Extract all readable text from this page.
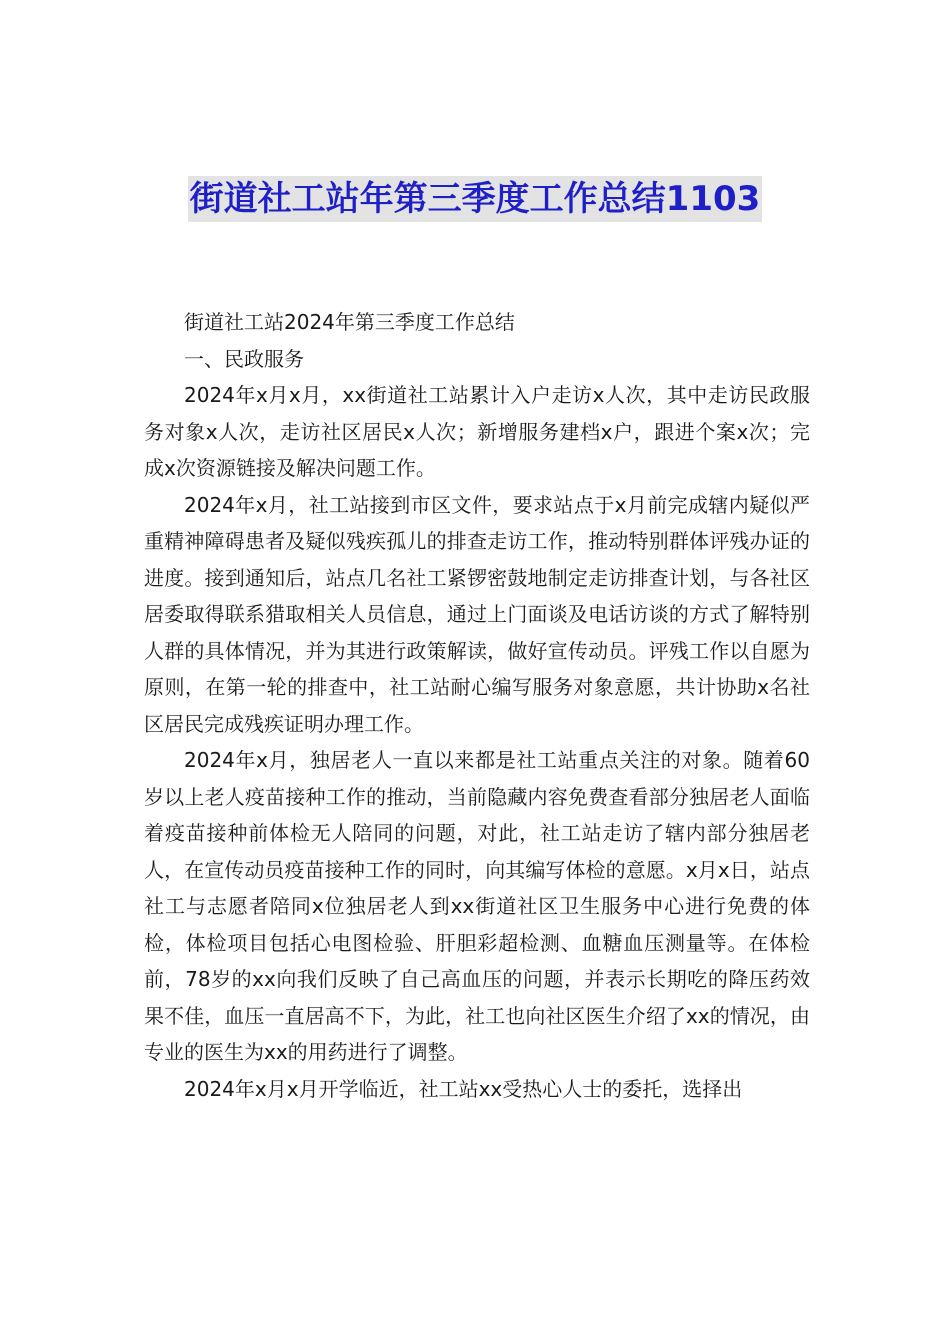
街道社工站年第三季度工作总结1103

街道社工站2024年第三季度工作总结

一、民政服务

2024年x月x月，xx街道社工站累计入户走访x人次，其中走访民政服务对象x人次，走访社区居民x人次；新增服务建档x户，跟进个案x次；完成x次资源链接及解决问题工作。

2024年x月，社工站接到市区文件，要求站点于x月前完成辖内疑似严重精神障碍患者及疑似残疾孤儿的排查走访工作，推动特别群体评残办证的进度。接到通知后，站点几名社工紧锣密鼓地制定走访排查计划，与各社区居委取得联系猎取相关人员信息，通过上门面谈及电话访谈的方式了解特别人群的具体情况，并为其进行政策解读，做好宣传动员。评残工作以自愿为原则，在第一轮的排查中，社工站耐心编写服务对象意愿，共计协助x名社区居民完成残疾证明办理工作。

2024年x月，独居老人一直以来都是社工站重点关注的对象。随着60岁以上老人疫苗接种工作的推动，当前隐藏内容免费查看部分独居老人面临着疫苗接种前体检无人陪同的问题，对此，社工站走访了辖内部分独居老人，在宣传动员疫苗接种工作的同时，向其编写体检的意愿。x月x日，站点社工与志愿者陪同x位独居老人到xx街道社区卫生服务中心进行免费的体检，体检项目包括心电图检验、肝胆彩超检测、血糖血压测量等。在体检前，78岁的xx向我们反映了自己高血压的问题，并表示长期吃的降压药效果不佳，血压一直居高不下，为此，社工也向社区医生介绍了xx的情况，由专业的医生为xx的用药进行了调整。

2024年x月x月开学临近，社工站xx受热心人士的委托，选择出
